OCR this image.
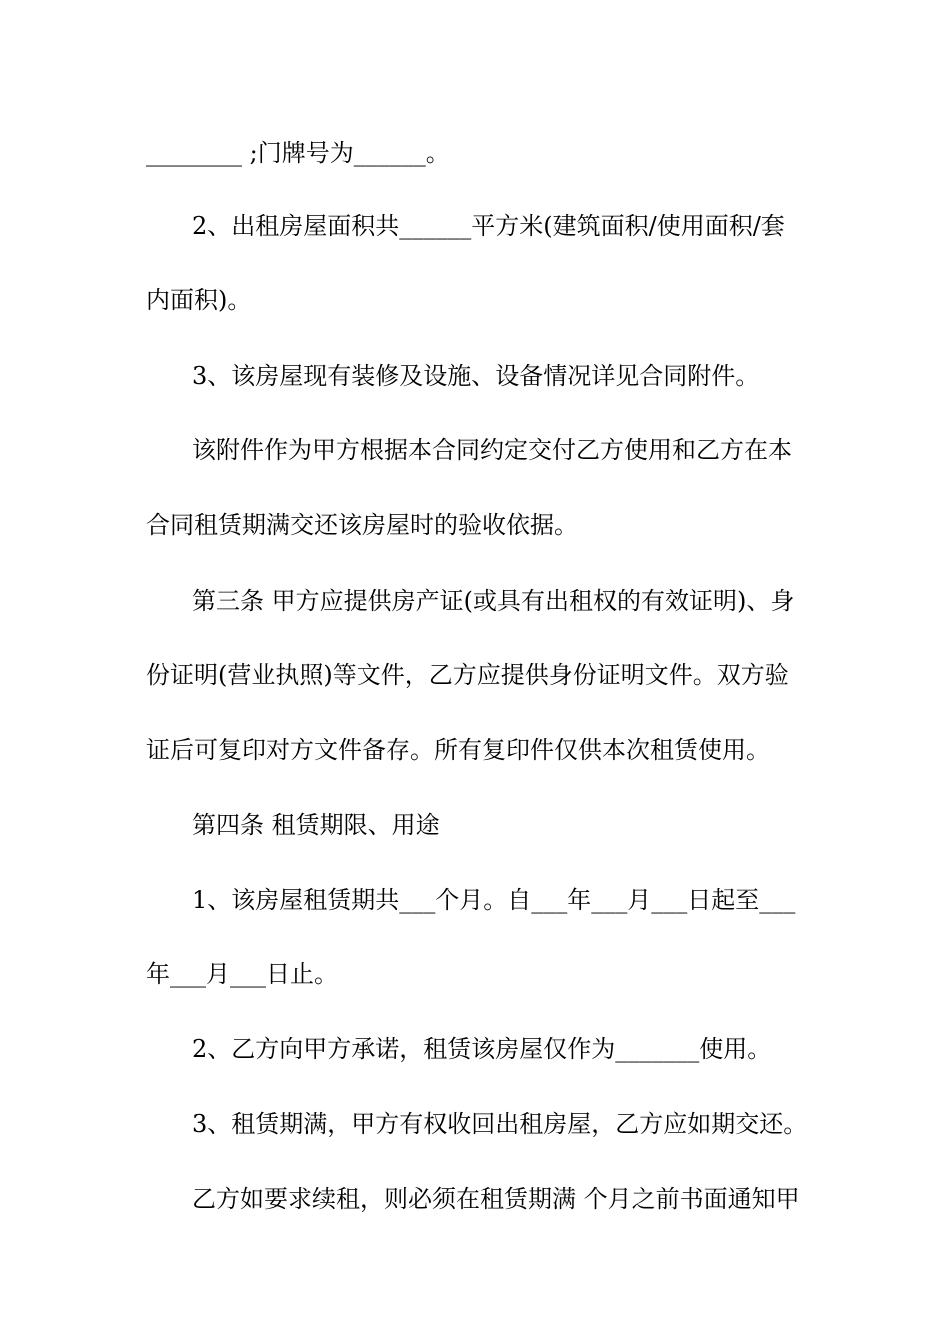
________ ;门牌号为______。
2、出租房屋面积共______平方米(建筑面积/使用面积/套
内面积)。
3、该房屋现有装修及设施、设备情况详见合同附件。
该附件作为甲方根据本合同约定交付乙方使用和乙方在本
合同租赁期满交还该房屋时的验收依据。
第三条 甲方应提供房产证(或具有出租权的有效证明)、身
份证明(营业执照)等文件，乙方应提供身份证明文件。双方验
证后可复印对方文件备存。所有复印件仅供本次租赁使用。
第四条 租赁期限、用途
1、该房屋租赁期共___个月。自___年___月___日起至___
年___月___日止。
2、乙方向甲方承诺，租赁该房屋仅作为_______使用。
3、租赁期满，甲方有权收回出租房屋，乙方应如期交还。
乙方如要求续租，则必须在租赁期满 个月之前书面通知甲
